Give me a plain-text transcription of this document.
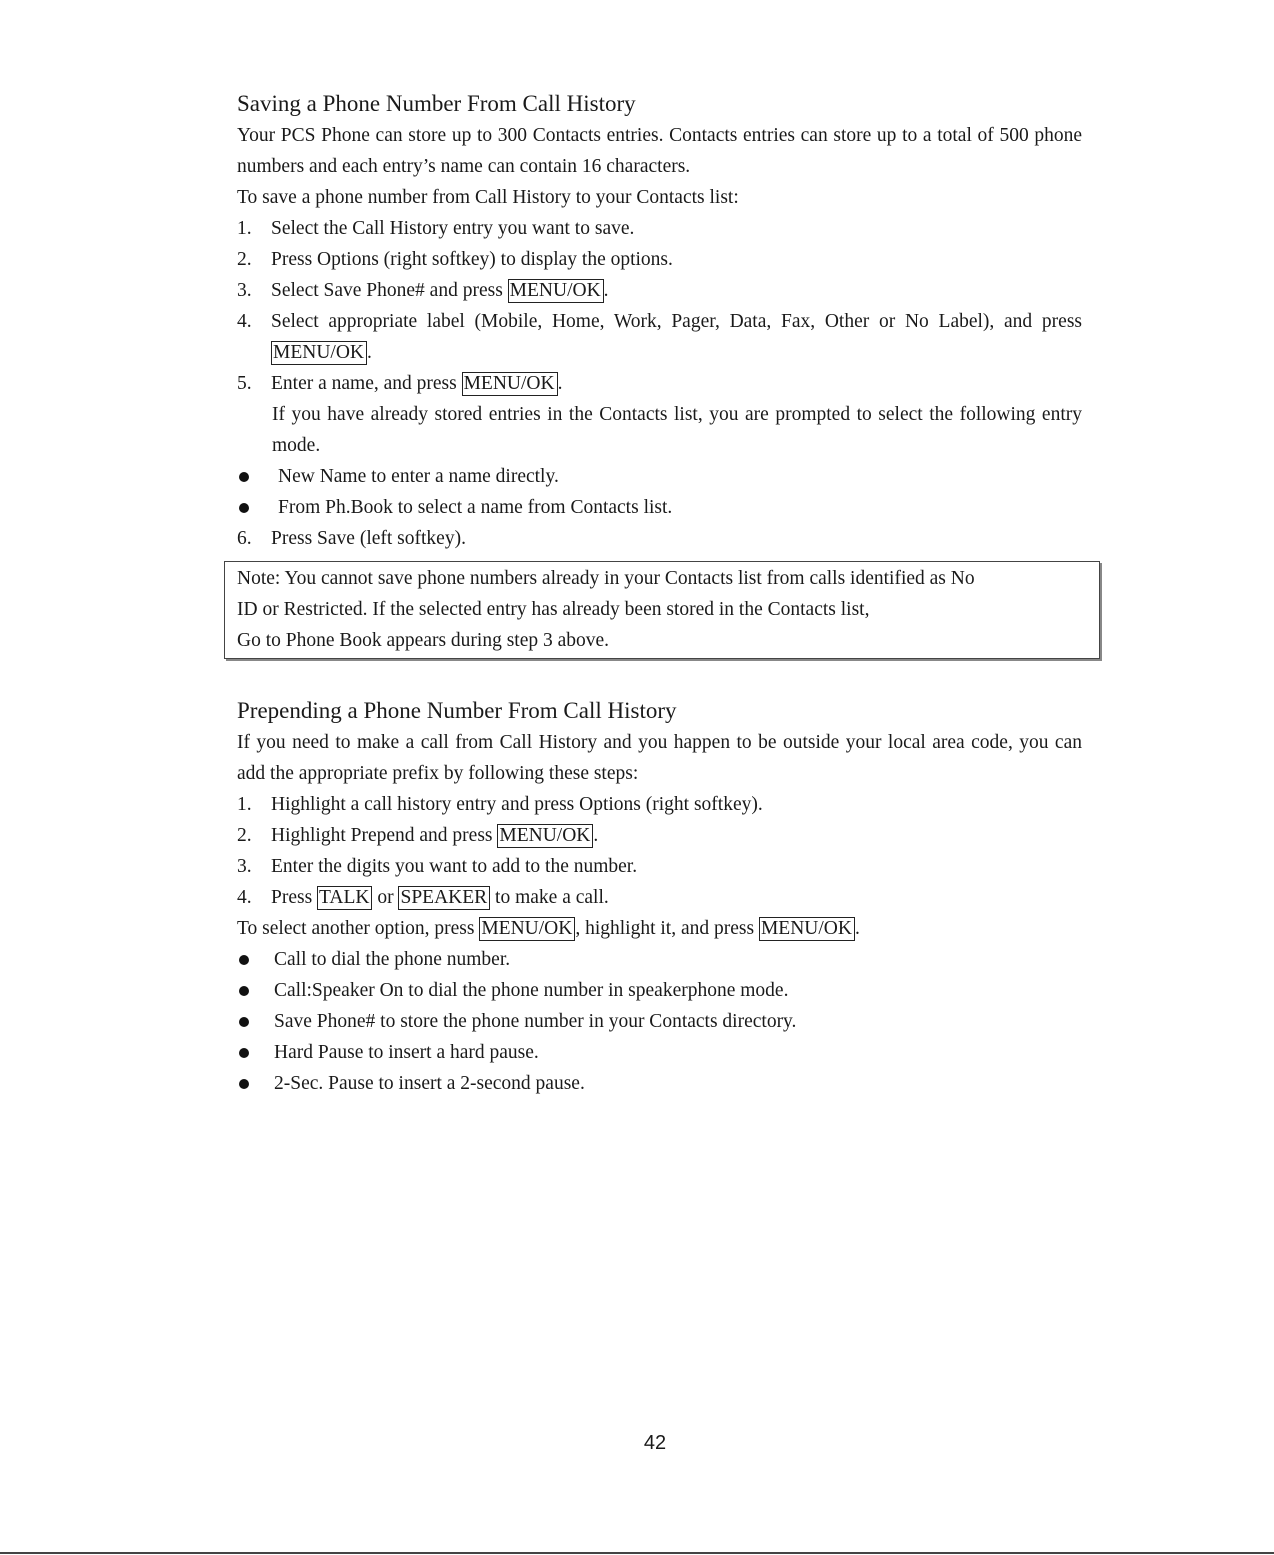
Saving a Phone Number From Call History

Your PCS Phone can store up to 300 Contacts entries. Contacts entries can store up to a total of 500 phone numbers and each entry’s name can contain 16 characters.

To save a phone number from Call History to your Contacts list:

1. Select the Call History entry you want to save.
2. Press Options (right softkey) to display the options.
3. Select Save Phone# and press MENU/OK .
4. Select appropriate label (Mobile, Home, Work, Pager, Data, Fax, Other or No Label), and press MENU/OK .
5. Enter a name, and press MENU/OK .

If you have already stored entries in the Contacts list, you are prompted to select the following entry mode.

New Name to enter a name directly.
From Ph.Book to select a name from Contacts list.
6. Press Save (left softkey).
Note: You cannot save phone numbers already in your Contacts list from calls identified as No
ID or Restricted. If the selected entry has already been stored in the Contacts list,
Go to Phone Book appears during step 3 above.
Prepending a Phone Number From Call History

If you need to make a call from Call History and you happen to be outside your local area code, you can add the appropriate prefix by following these steps:

1. Highlight a call history entry and press Options (right softkey).
2. Highlight Prepend and press MENU/OK .
3. Enter the digits you want to add to the number.
4. Press TALK or SPEAKER to make a call.

To select another option, press MENU/OK , highlight it, and press MENU/OK .

Call to dial the phone number.
Call:Speaker On to dial the phone number in speakerphone mode.
Save Phone# to store the phone number in your Contacts directory.
Hard Pause to insert a hard pause.
2-Sec. Pause to insert a 2-second pause.
42
